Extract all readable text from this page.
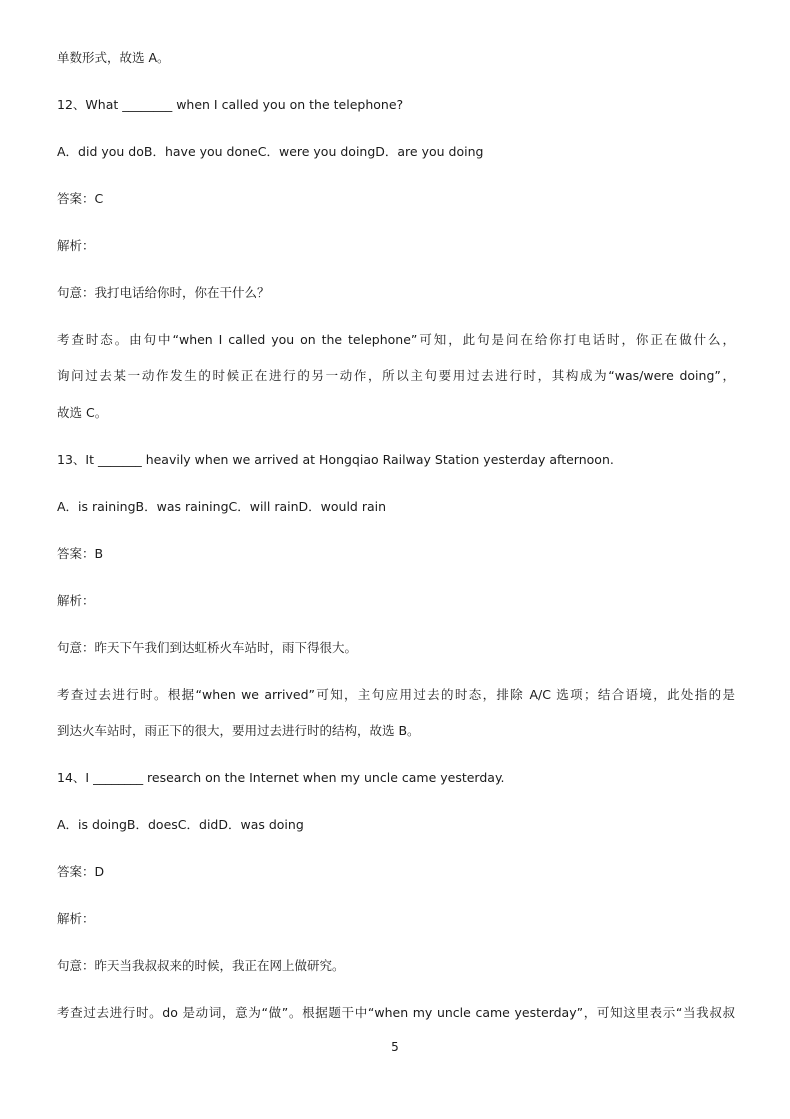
单数形式，故选 A。
12、What ________ when I called you on the telephone?
A．did you doB．have you doneC．were you doingD．are you doing
答案：C
解析：
句意：我打电话给你时，你在干什么？
考查时态。由句中“when I called you on the telephone”可知，此句是问在给你打电话时，你正在做什么，
询问过去某一动作发生的时候正在进行的另一动作，所以主句要用过去进行时，其构成为“was/were doing”，
故选 C。
13、It _______ heavily when we arrived at Hongqiao Railway Station yesterday afternoon.
A．is rainingB．was rainingC．will rainD．would rain
答案：B
解析：
句意：昨天下午我们到达虹桥火车站时，雨下得很大。
考查过去进行时。根据“when we arrived”可知，主句应用过去的时态，排除 A/C 选项；结合语境，此处指的是
到达火车站时，雨正下的很大，要用过去进行时的结构，故选 B。
14、I ________ research on the Internet when my uncle came yesterday.
A．is doingB．doesC．didD．was doing
答案：D
解析：
句意：昨天当我叔叔来的时候，我正在网上做研究。
考查过去进行时。do 是动词，意为“做”。根据题干中“when my uncle came yesterday”，可知这里表示“当我叔叔
5
